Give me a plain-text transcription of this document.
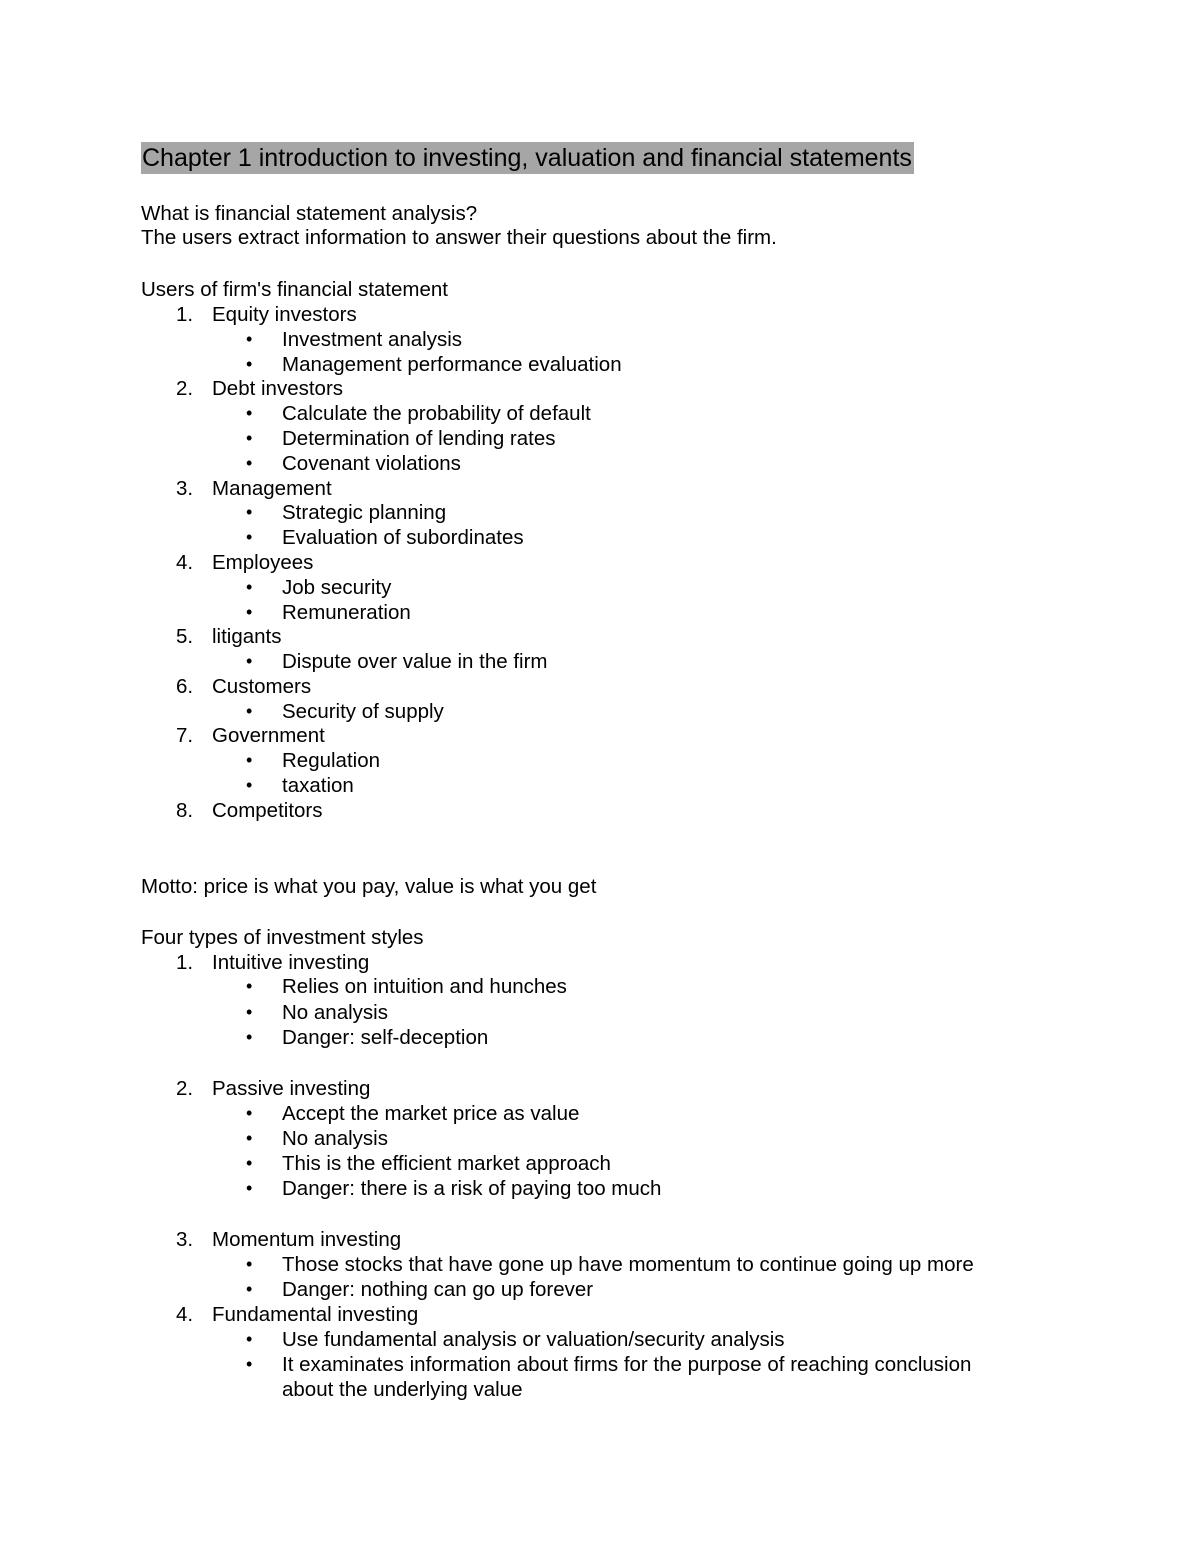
Chapter 1 introduction to investing, valuation and financial statements
What is financial statement analysis?
The users extract information to answer their questions about the firm.
Users of firm's financial statement
1. Equity investors
• Investment analysis
• Management performance evaluation
2. Debt investors
• Calculate the probability of default
• Determination of lending rates
• Covenant violations
3. Management
• Strategic planning
• Evaluation of subordinates
4. Employees
• Job security
• Remuneration
5. litigants
• Dispute over value in the firm
6. Customers
• Security of supply
7. Government
• Regulation
• taxation
8. Competitors
Motto: price is what you pay, value is what you get
Four types of investment styles
1. Intuitive investing
• Relies on intuition and hunches
• No analysis
• Danger: self-deception
2. Passive investing
• Accept the market price as value
• No analysis
• This is the efficient market approach
• Danger: there is a risk of paying too much
3. Momentum investing
• Those stocks that have gone up have momentum to continue going up more
• Danger: nothing can go up forever
4. Fundamental investing
• Use fundamental analysis or valuation/security analysis
• It examinates information about firms for the purpose of reaching conclusion
about the underlying value
